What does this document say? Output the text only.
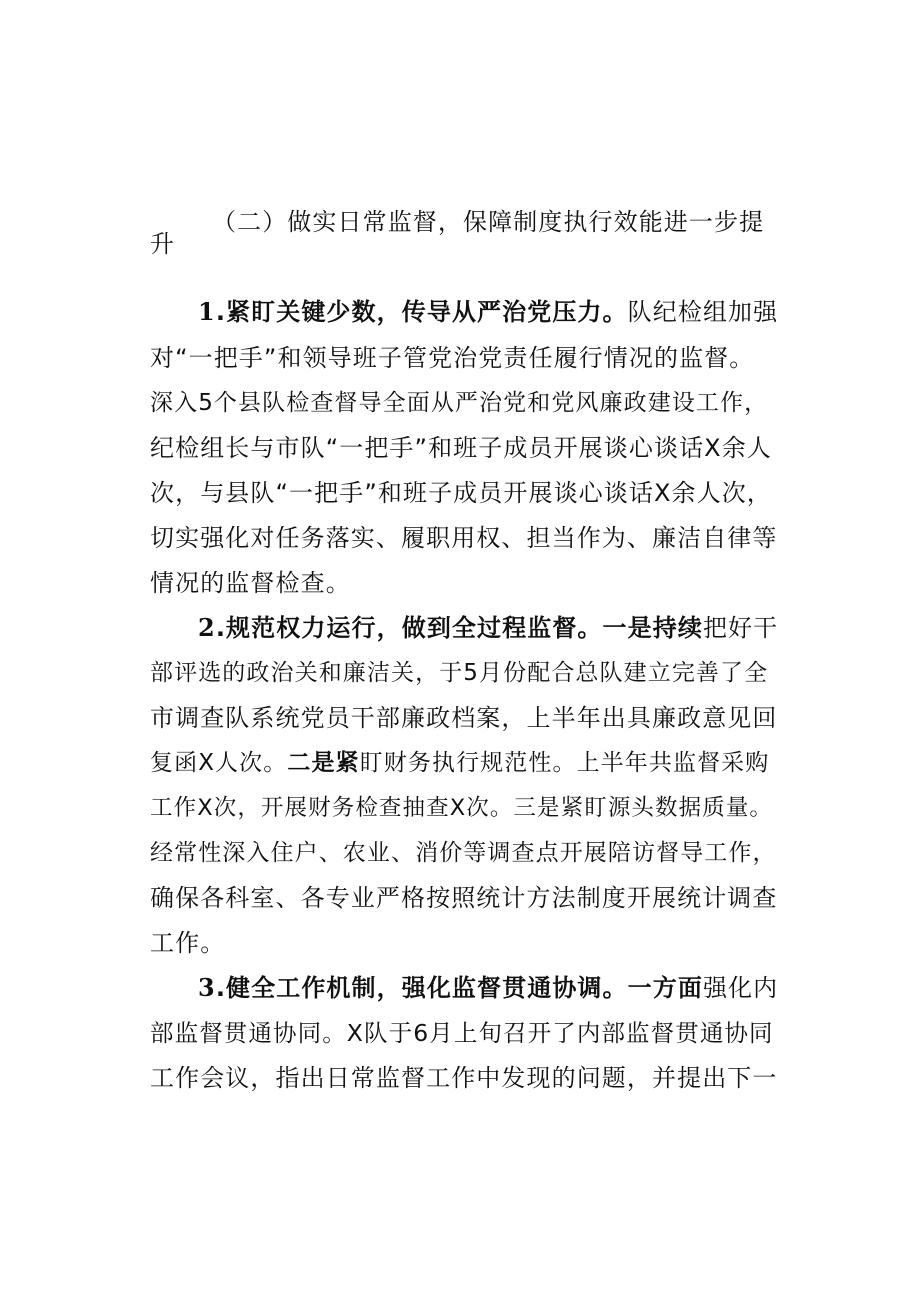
（二）做实日常监督，保障制度执行效能进一步提
升
1.紧盯关键少数，传导从严治党压力。队纪检组加强
对“一把手”和领导班子管党治党责任履行情况的监督。
深入5个县队检查督导全面从严治党和党风廉政建设工作，
纪检组长与市队“一把手”和班子成员开展谈心谈话X余人
次，与县队“一把手”和班子成员开展谈心谈话X余人次，
切实强化对任务落实、履职用权、担当作为、廉洁自律等
情况的监督检查。
2.规范权力运行，做到全过程监督。一是持续把好干
部评选的政治关和廉洁关，于5月份配合总队建立完善了全
市调查队系统党员干部廉政档案，上半年出具廉政意见回
复函X人次。二是紧盯财务执行规范性。上半年共监督采购
工作X次，开展财务检查抽查X次。三是紧盯源头数据质量。
经常性深入住户、农业、消价等调查点开展陪访督导工作，
确保各科室、各专业严格按照统计方法制度开展统计调查
工作。
3.健全工作机制，强化监督贯通协调。一方面强化内
部监督贯通协同。X队于6月上旬召开了内部监督贯通协同
工作会议，指出日常监督工作中发现的问题，并提出下一
